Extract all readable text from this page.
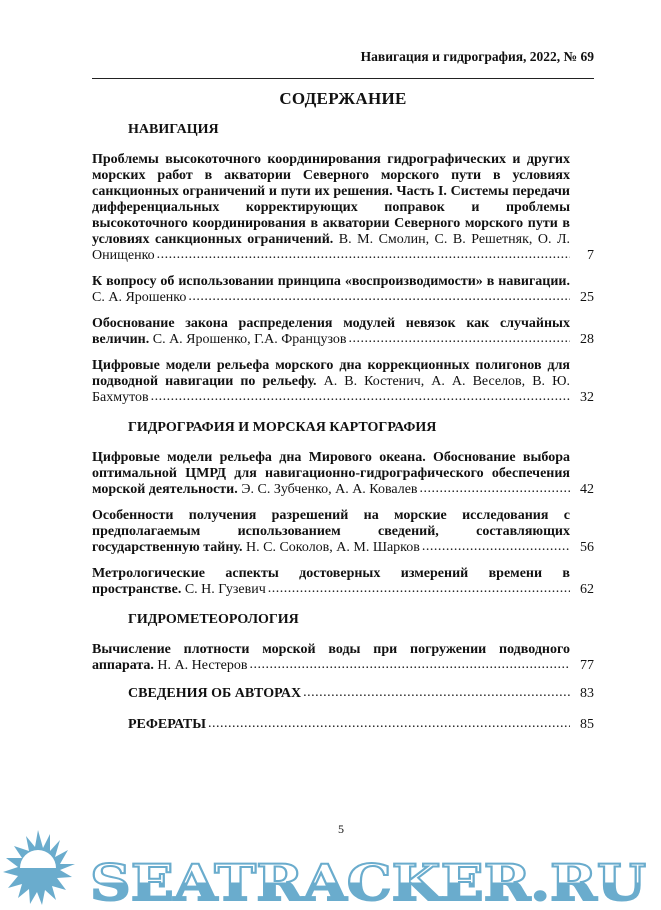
Навигация и гидрография, 2022, № 69
СОДЕРЖАНИЕ
НАВИГАЦИЯ
Проблемы высокоточного координирования гидрографических и других морских работ в акватории Северного морского пути в условиях санкционных ограничений и пути их решения. Часть I. Системы передачи дифференциальных корректирующих поправок и проблемы высокоточного координирования в акватории Северного морского пути в условиях санкционных ограничений. В. М. Смолин, С. В. Решетняк, О. Л. Онищенко	7
К вопросу об использовании принципа «воспроизводимости» в навигации. С. А. Ярошенко	25
Обоснование закона распределения модулей невязок как случайных величин. С. А. Ярошенко, Г.А. Французов	28
Цифровые модели рельефа морского дна коррекционных полигонов для подводной навигации по рельефу. А. В. Костенич, А. А. Веселов, В. Ю. Бахмутов	32
ГИДРОГРАФИЯ И МОРСКАЯ КАРТОГРАФИЯ
Цифровые модели рельефа дна Мирового океана. Обоснование выбора оптимальной ЦМРД для навигационно-гидрографического обеспечения морской деятельности. Э. С. Зубченко, А. А. Ковалев	42
Особенности получения разрешений на морские исследования с предполагаемым использованием сведений, составляющих государственную тайну. Н. С. Соколов, А. М. Шарков	56
Метрологические аспекты достоверных измерений времени в пространстве. С. Н. Гузевич	62
ГИДРОМЕТЕОРОЛОГИЯ
Вычисление плотности морской воды при погружении подводного аппарата. Н. А. Нестеров	77
СВЕДЕНИЯ ОБ АВТОРАХ	83
РЕФЕРАТЫ	85
SEATRACKER.RU
5
